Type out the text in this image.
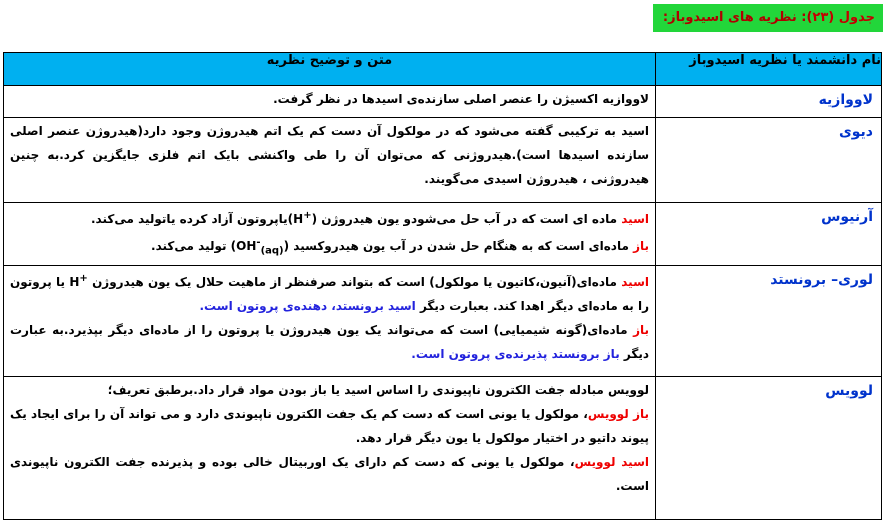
جدول (۲۳): نظریه های اسیدوباز:
نام دانشمند یا نظریه اسیدوباز	متن و توضیح نظریه
لاووازیه	لاووازیه اکسیژن را عنصر اصلی سازنده‌ی اسیدها در نظر گرفت.
دیوی	اسید به ترکیبی گفته می‌شود که در مولکول آن دست کم یک اتم هیدروژن وجود دارد(هیدروژن عنصر اصلی سازنده اسیدها است).هیدروژنی که می‌توان آن را طی واکنشی بایک اتم فلزی جایگزین کرد.به چنین هیدروژنی ، هیدروژن اسیدی می‌گویند.
آرنیوس	اسید ماده ای است که در آب حل می‌شودو یون هیدروژن (H+)یاپروتون آزاد کرده یاتولید می‌کند.
باز ماده‌ای است که به هنگام حل شدن در آب یون هیدروکسید $(OH^-_{(aq)})$ تولید می‌کند.

لوری– برونستد	اسید ماده‌ای(آنیون،کاتیون یا مولکول) است که بتواند صرفنظر از ماهیت حلال یک یون هیدروژن H+ یا پروتون را به ماده‌ای دیگر اهدا کند. بعبارت دیگر اسید برونستد، دهنده‌ی پروتون است.
باز ماده‌ای(گونه شیمیایی) است که می‌تواند یک یون هیدروژن یا پروتون را از ماده‌ای دیگر بپذیرد.به عبارت دیگر باز برونستد پذیرنده‌ی پروتون است.

لوویس	لوویس مبادله جفت الکترون ناپیوندی را اساس اسید یا باز بودن مواد قرار داد.برطبق تعریف؛
باز لوویس، مولکول یا یونی است که دست کم یک جفت الکترون ناپیوندی دارد و می تواند آن را برای ایجاد یک پیوند داتیو در اختیار مولکول یا یون دیگر قرار دهد.
اسید لوویس، مولکول یا یونی که دست کم دارای یک اوربیتال خالی بوده و پذیرنده جفت الکترون ناپیوندی است.
